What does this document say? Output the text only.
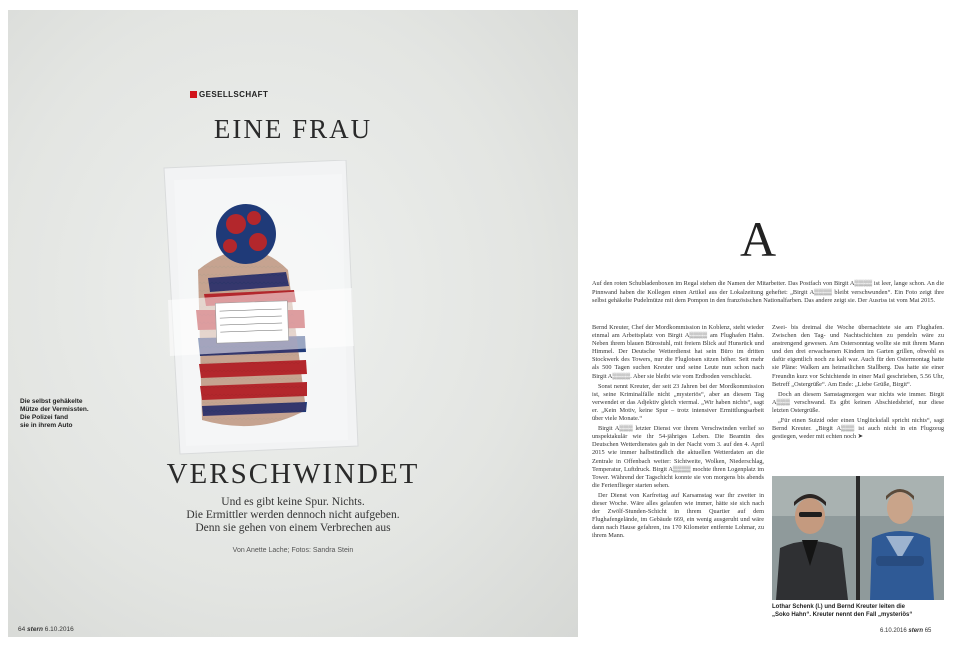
GESELLSCHAFT
EINE FRAU
Die selbst gehäkelte
Mütze der Vermissten.
Die Polizei fand
sie in ihrem Auto
VERSCHWINDET
Und es gibt keine Spur. Nichts.
Die Ermittler werden dennoch nicht aufgeben.
Denn sie gehen von einem Verbrechen aus
Von Anette Lache; Fotos: Sandra Stein
64 stern 6.10.2016
A
Auf den roten Schubladenboxen im Regal stehen die Namen der Mitarbeiter. Das Postfach von Birgit A▒▒▒▒ ist leer, lange schon. An die Pinnwand haben die Kollegen einen Artikel aus der Lokalzeitung geheftet: „Birgit A▒▒▒▒ bleibt verschwunden“. Ein Foto zeigt ihre selbst gehäkelte Pudelmütze mit dem Pompon in den französischen Nationalfarben. Das andere zeigt sie. Der Ausriss ist vom Mai 2015.

Bernd Kreuter, Chef der Mordkommission in Koblenz, steht wieder einmal am Arbeitsplatz von Birgit A▒▒▒▒ am Flughafen Hahn. Neben ihrem blauen Bürostuhl, mit freiem Blick auf Hunsrück und Himmel. Der Deutsche Wetterdienst hat sein Büro im dritten Stockwerk des Towers, nur die Fluglotsen sitzen höher. Seit mehr als 500 Tagen suchen Kreuter und seine Leute nun schon nach Birgit A▒▒▒▒. Aber sie bleibt wie vom Erdboden verschluckt.

Sonst nennt Kreuter, der seit 23 Jahren bei der Mordkommission ist, seine Kriminalfälle nicht „mysteriös“, aber an diesem Tag verwendet er das Adjektiv gleich viermal. „Wir haben nichts“, sagt er. „Kein Motiv, keine Spur – trotz intensiver Ermittlungsarbeit über viele Monate.“

Birgit A▒▒▒ letzter Dienst vor ihrem Verschwinden verlief so unspektakulär wie ihr 54-jähriges Leben. Die Beamtin des Deutschen Wetterdienstes gab in der Nacht vom 3. auf den 4. April 2015 wie immer halbstündlich die aktuellen Wetterdaten an die Zentrale in Offenbach weiter: Sichtweite, Wolken, Niederschlag, Temperatur, Luftdruck. Birgit A▒▒▒▒ mochte ihren Logenplatz im Tower. Während der Tagschicht konnte sie von morgens bis abends die Ferienflieger starten sehen.

Der Dienst von Karfreitag auf Karsamstag war ihr zweiter in dieser Woche. Wäre alles gelaufen wie immer, hätte sie sich nach der Zwölf-Stunden-Schicht in ihrem Quartier auf dem Flughafengelände, im Gebäude 669, ein wenig ausgeruht und wäre dann nach Hause gefahren, ins 170 Kilometer entfernte Lohmar, zu ihrem Mann.

Zwei- bis dreimal die Woche übernachtete sie am Flughafen. Zwischen den Tag- und Nachtschichten zu pendeln wäre zu anstrengend gewesen. Am Ostersonntag wollte sie mit ihrem Mann und den drei erwachsenen Kindern im Garten grillen, obwohl es dafür eigentlich noch zu kalt war. Auch für den Ostermontag hatte sie Pläne: Walken am heimatlichen Stallberg. Das hatte sie einer Freundin kurz vor Schichtende in einer Mail geschrieben, 5.56 Uhr, Betreff „Ostergrüße“. Am Ende: „Liebe Grüße, Birgit“.

Doch an diesem Samstagmorgen war nichts wie immer. Birgit A▒▒▒ verschwand. Es gibt keinen Abschiedsbrief, nur diese letzten Ostergrüße.

„Für einen Suizid oder einen Unglücksfall spricht nichts“, sagt Bernd Kreuter. „Birgit A▒▒▒ ist auch nicht in ein Flugzeug gestiegen, weder mit echten noch ➤

Lothar Schenk (l.) und Bernd Kreuter leiten die
„Soko Hahn“. Kreuter nennt den Fall „mysteriös“
6.10.2016 stern 65
